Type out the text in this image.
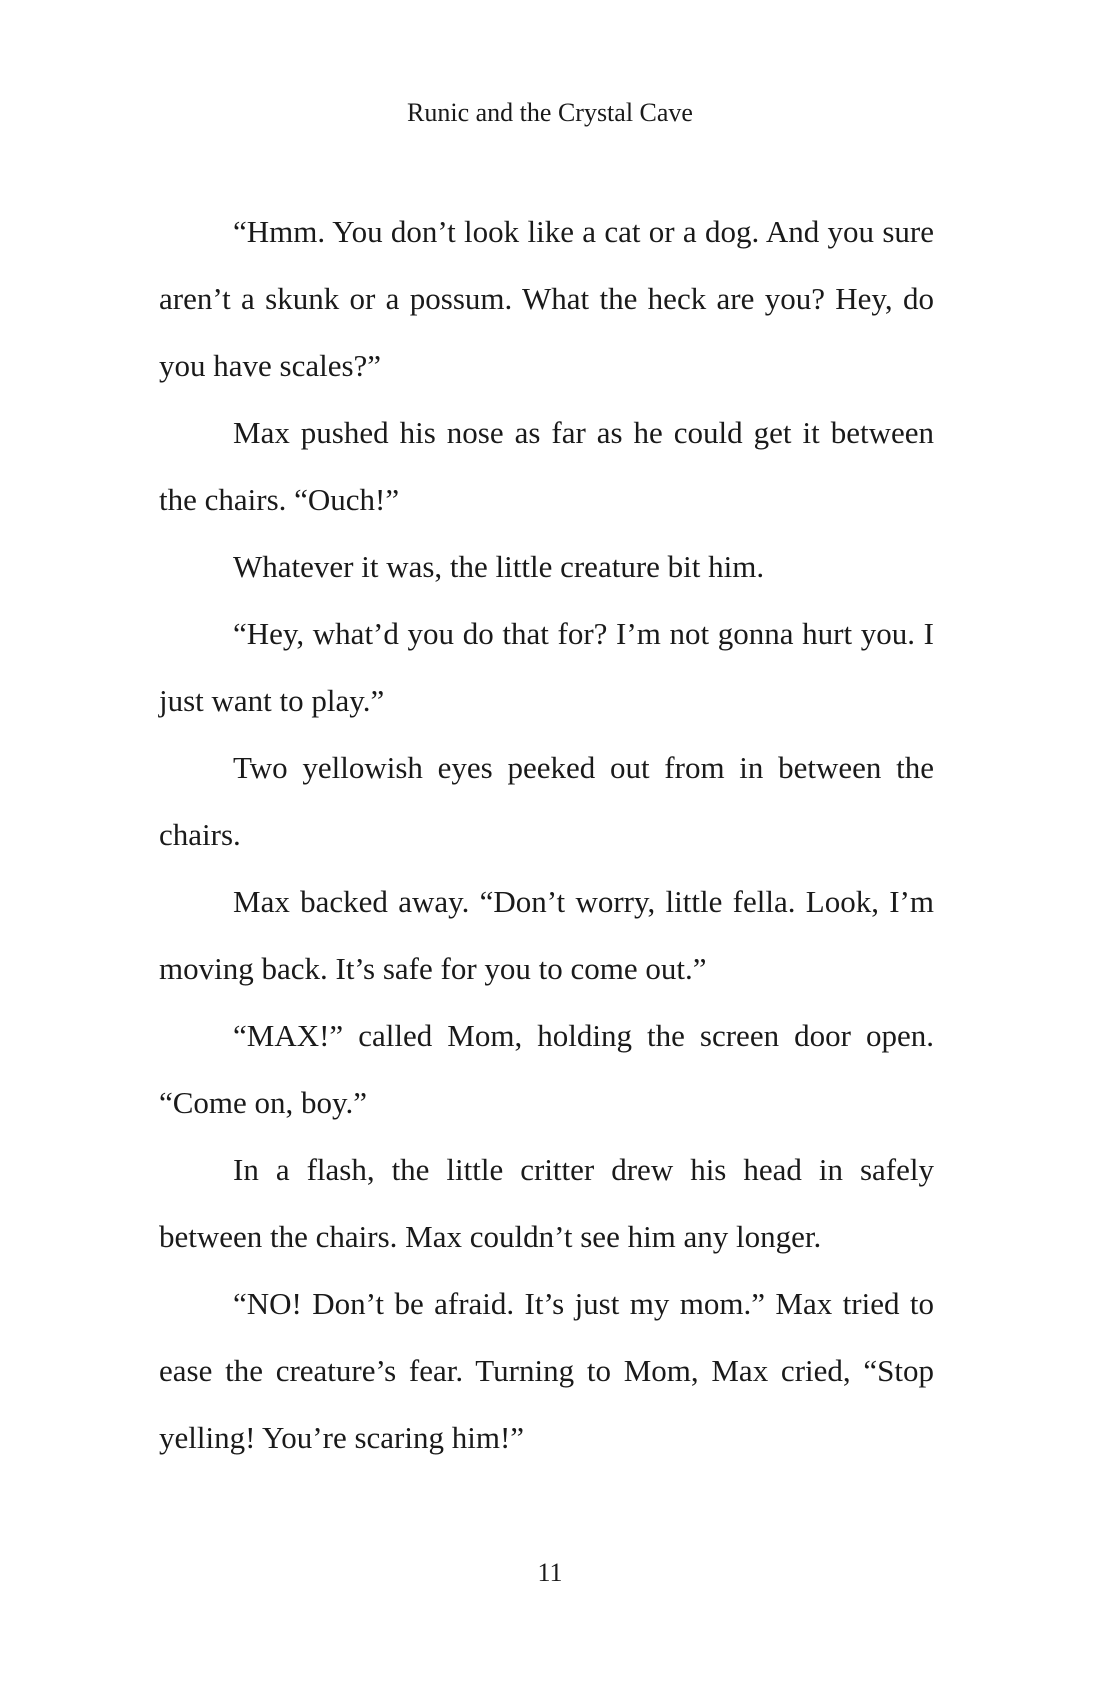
Runic and the Crystal Cave

“Hmm. You don’t look like a cat or a dog. And you sure aren’t a skunk or a possum. What the heck are you? Hey, do you have scales?”

Max pushed his nose as far as he could get it between the chairs. “Ouch!”

Whatever it was, the little creature bit him.

“Hey, what’d you do that for? I’m not gonna hurt you. I just want to play.”

Two yellowish eyes peeked out from in between the chairs.

Max backed away. “Don’t worry, little fella. Look, I’m moving back. It’s safe for you to come out.”

“MAX!” called Mom, holding the screen door open. “Come on, boy.”

In a flash, the little critter drew his head in safely between the chairs. Max couldn’t see him any longer.

“NO! Don’t be afraid. It’s just my mom.” Max tried to ease the creature’s fear. Turning to Mom, Max cried, “Stop yelling! You’re scaring him!”

11
